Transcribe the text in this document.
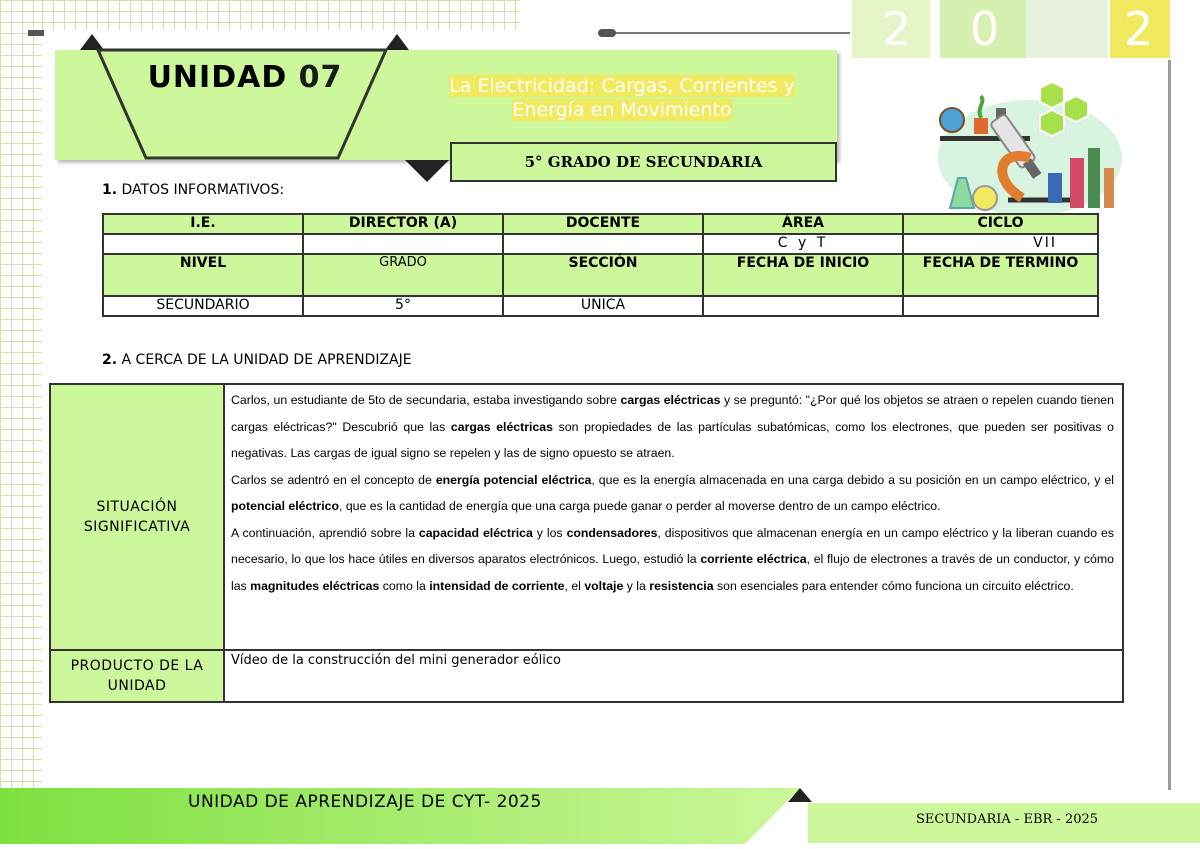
2	0	2
UNIDAD 07	La Electricidad: Cargas, Corrientes y
Energía en Movimiento
5° GRADO DE SECUNDARIA
1. DATOS INFORMATIVOS:
I.E.	DIRECTOR (A)	DOCENTE	ÁREA	CICLO
			C y T	VII
NIVEL	GRADO	SECCIÓN	FECHA DE INICIO	FECHA DE TERMINO
SECUNDARIO	5°	UNICA		
2. A CERCA DE LA UNIDAD DE APRENDIZAJE
SITUACIÓN SIGNIFICATIVA	Carlos, un estudiante de 5to de secundaria, estaba investigando sobre cargas eléctricas y se preguntó: "¿Por qué los objetos se atraen o repelen cuando tienen cargas eléctricas?" Descubrió que las cargas eléctricas son propiedades de las partículas subatómicas, como los electrones, que pueden ser positivas o negativas. Las cargas de igual signo se repelen y las de signo opuesto se atraen.

Carlos se adentró en el concepto de energía potencial eléctrica, que es la energía almacenada en una carga debido a su posición en un campo eléctrico, y el potencial eléctrico, que es la cantidad de energía que una carga puede ganar o perder al moverse dentro de un campo eléctrico.

A continuación, aprendió sobre la capacidad eléctrica y los condensadores, dispositivos que almacenan energía en un campo eléctrico y la liberan cuando es necesario, lo que los hace útiles en diversos aparatos electrónicos. Luego, estudió la corriente eléctrica, el flujo de electrones a través de un conductor, y cómo las magnitudes eléctricas como la intensidad de corriente, el voltaje y la resistencia son esenciales para entender cómo funciona un circuito eléctrico.

PRODUCTO DE LA UNIDAD	Vídeo de la construcción del mini generador eólico
UNIDAD DE APRENDIZAJE DE CYT- 2025
SECUNDARIA - EBR - 2025
